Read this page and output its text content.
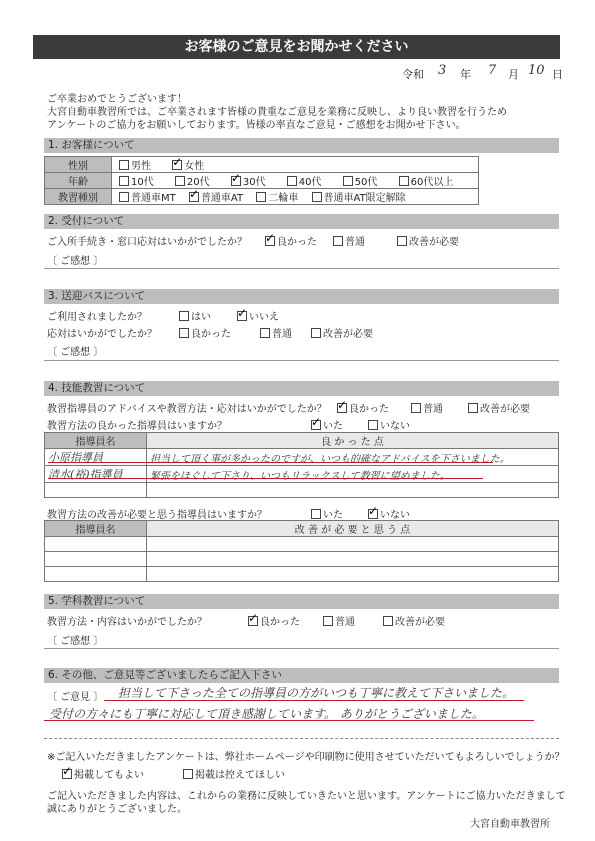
お客様のご意見をお聞かせください
令和 3 年 7 月 10 日
ご卒業おめでとうございます！
大宮自動車教習所では、ご卒業されます皆様の貴重なご意見を業務に反映し、より良い教習を行うため
アンケートのご協力をお願いしております。皆様の率直なご意見・ご感想をお聞かせ下さい。
1. お客様について
性別	男性 ✓ 女性
年齢	10代 20代 ✓ 30代 40代 50代 60代以上
教習種別	普通車MT ✓ 普通車AT 二輪車 普通車AT限定解除
2. 受付について
ご入所手続き・窓口応対はいかがでしたか？ ✓	良かった	普通	改善が必要
〔 ご感想 〕
3. 送迎バスについて
ご利用されましたか？	はい ✓	いいえ
応対はいかがでしたか？	良かった	普通	改善が必要
〔 ご感想 〕
4. 技能教習について
教習指導員のアドバイスや教習方法・応対はいかがでしたか？ ✓	良かった	普通	改善が必要
教習方法の良かった指導員はいますか？ ✓	いた	いない
指導員名	良 か っ た 点
小原指導員	担当して頂く事が多かったのですが、いつも的確なアドバイスを下さいました。
清水(裕)指導員	緊張をほぐして下さり、いつもリラックスして教習に望めました。

教習方法の改善が必要と思う指導員はいますか？	いた ✓	いない
指導員名	改 善 が 必 要 と 思 う 点

5. 学科教習について
教習方法・内容はいかがでしたか？ ✓	良かった	普通	改善が必要
〔 ご感想 〕
6. その他、ご意見等ございましたらご記入下さい
〔 ご意見 〕 担当して下さった全ての指導員の方がいつも丁寧に教えて下さいました。
受付の方々にも丁寧に対応して頂き感謝しています。 ありがとうございました。
※ご記入いただきましたアンケートは、弊社ホームページや印刷物に使用させていただいてもよろしいでしょうか？
✓掲載してもよい	掲載は控えてほしい
ご記入いただきました内容は、これからの業務に反映していきたいと思います。アンケートにご協力いただきまして
誠にありがとうございました。
大宮自動車教習所
